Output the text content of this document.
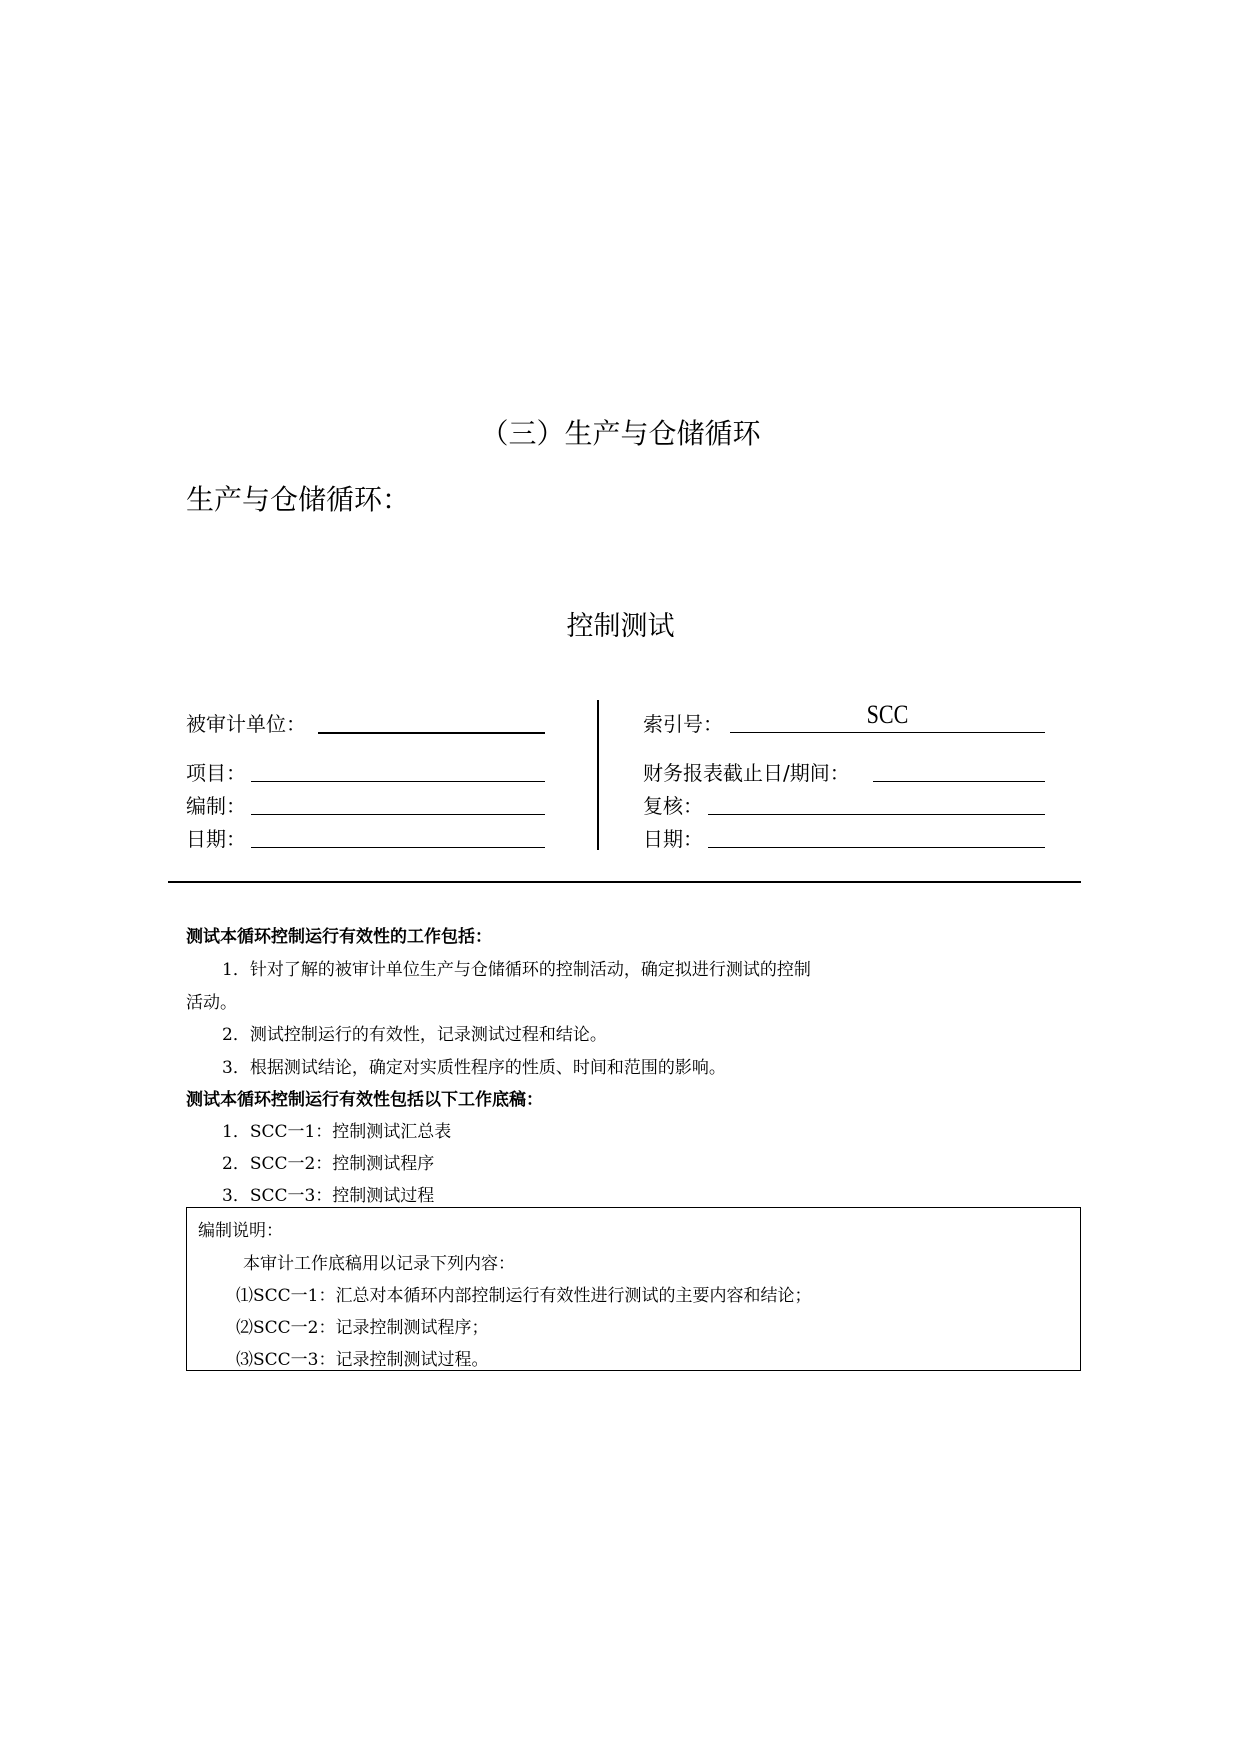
（三）生产与仓储循环
生产与仓储循环：
控制测试
被审计单位：
项目：
编制：
日期：
索引号：	SCC
财务报表截止日/期间：
复核：
日期：
测试本循环控制运行有效性的工作包括：
1．针对了解的被审计单位生产与仓储循环的控制活动，确定拟进行测试的控制
活动。
2．测试控制运行的有效性，记录测试过程和结论。
3．根据测试结论，确定对实质性程序的性质、时间和范围的影响。
测试本循环控制运行有效性包括以下工作底稿：
1．SCC一1：控制测试汇总表
2．SCC一2：控制测试程序
3．SCC一3：控制测试过程
编制说明：
本审计工作底稿用以记录下列内容：
⑴SCC一1：汇总对本循环内部控制运行有效性进行测试的主要内容和结论；
⑵SCC一2：记录控制测试程序；
⑶SCC一3：记录控制测试过程。
